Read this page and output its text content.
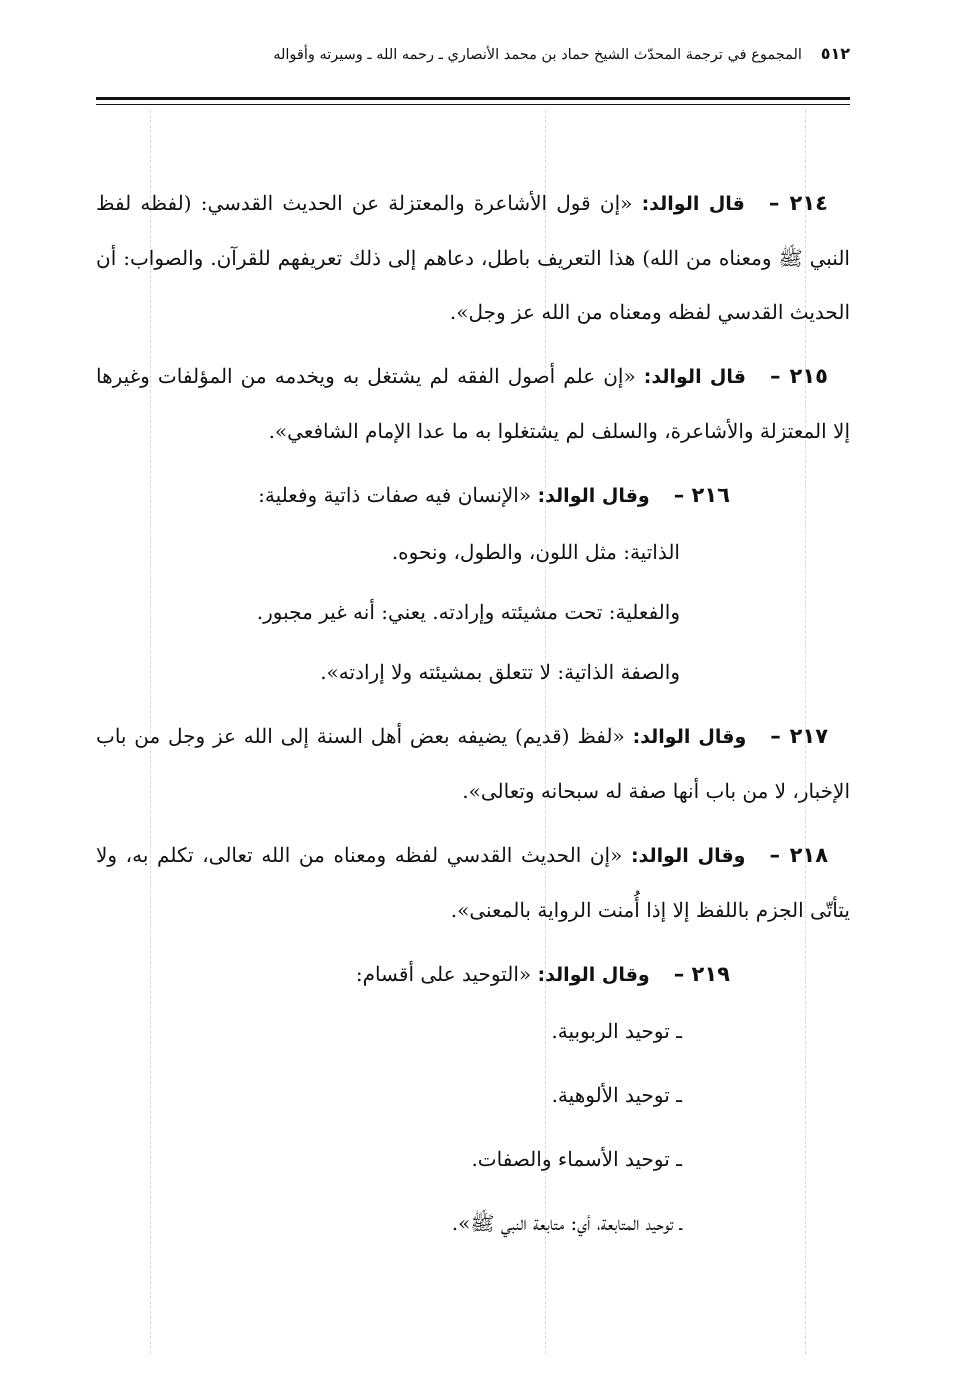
٥١٢ المجموع في ترجمة المحدّث الشيخ حماد بن محمد الأنصاري ـ رحمه الله ـ وسيرته وأقواله

٢١٤ –قال الوالد: «إن قول الأشاعرة والمعتزلة عن الحديث القدسي: (لفظه لفظ النبي ﷺ ومعناه من الله) هذا التعريف باطل، دعاهم إلى ذلك تعريفهم للقرآن. والصواب: أن الحديث القدسي لفظه ومعناه من الله عز وجل».

٢١٥ –قال الوالد: «إن علم أصول الفقه لم يشتغل به ويخدمه من المؤلفات وغيرها إلا المعتزلة والأشاعرة، والسلف لم يشتغلوا به ما عدا الإمام الشافعي».

٢١٦ –وقال الوالد: «الإنسان فيه صفات ذاتية وفعلية:

الذاتية: مثل اللون، والطول، ونحوه.

والفعلية: تحت مشيئته وإرادته. يعني: أنه غير مجبور.

والصفة الذاتية: لا تتعلق بمشيئته ولا إرادته».

٢١٧ –وقال الوالد: «لفظ (قديم) يضيفه بعض أهل السنة إلى الله عز وجل من باب الإخبار، لا من باب أنها صفة له سبحانه وتعالى».

٢١٨ –وقال الوالد: «إن الحديث القدسي لفظه ومعناه من الله تعالى، تكلم به، ولا يتأتّى الجزم باللفظ إلا إذا أُمنت الرواية بالمعنى».

٢١٩ –وقال الوالد: «التوحيد على أقسام:

ـ توحيد الربوبية.

ـ توحيد الألوهية.

ـ توحيد الأسماء والصفات.

ـ توحيد المتابعة، أي: متابعة النبي ﷺ».
